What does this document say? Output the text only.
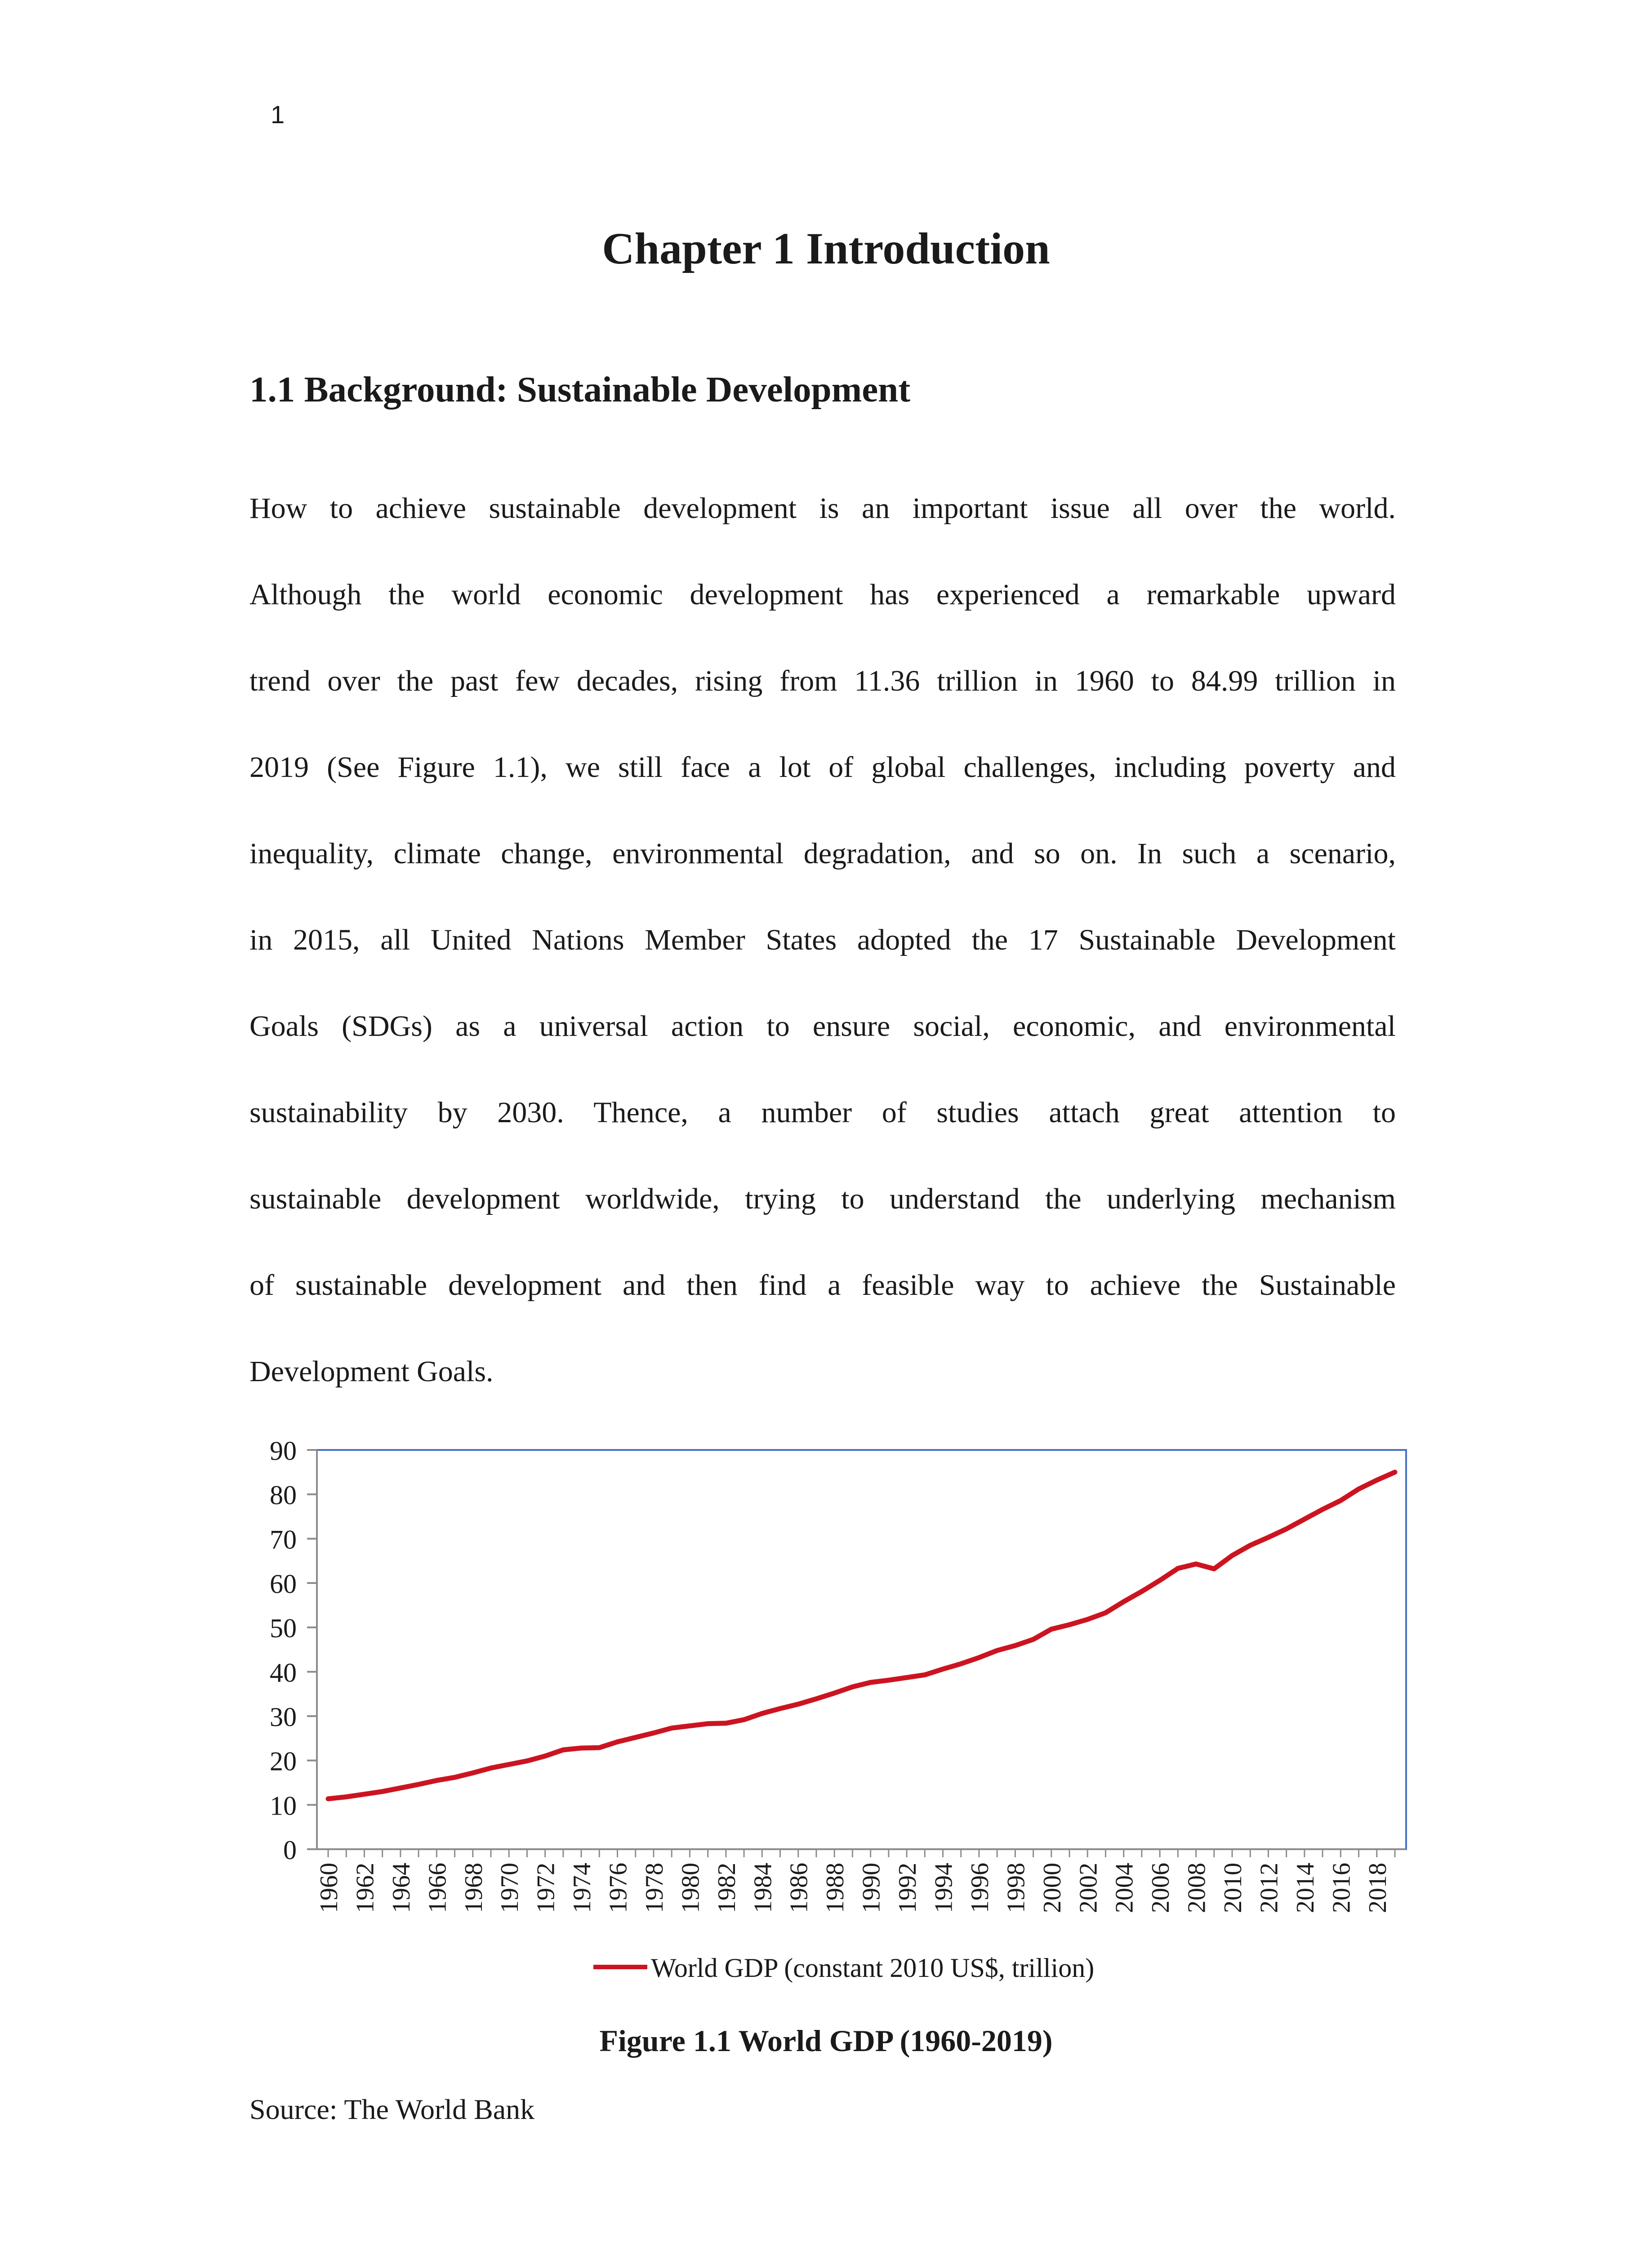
1
Chapter 1 Introduction
1.1 Background: Sustainable Development
How to achieve sustainable development is an important issue all over the world.
Although the world economic development has experienced a remarkable upward
trend over the past few decades, rising from 11.36 trillion in 1960 to 84.99 trillion in
2019 (See Figure 1.1), we still face a lot of global challenges, including poverty and
inequality, climate change, environmental degradation, and so on. In such a scenario,
in 2015, all United Nations Member States adopted the 17 Sustainable Development
Goals (SDGs) as a universal action to ensure social, economic, and environmental
sustainability by 2030. Thence, a number of studies attach great attention to
sustainable development worldwide, trying to understand the underlying mechanism
of sustainable development and then find a feasible way to achieve the Sustainable
Development Goals.
0
10
20
30
40
50
60
70
80
90
1960 1962 1964 1966 1968 1970 1972 1974 1976 1978 1980 1982 1984 1986 1988 1990 1992 1994 1996 1998 2000 2002 2004 2006 2008 2010 2012 2014 2016 2018
World GDP (constant 2010 US$, trillion)
Figure 1.1 World GDP (1960-2019)
Source: The World Bank
